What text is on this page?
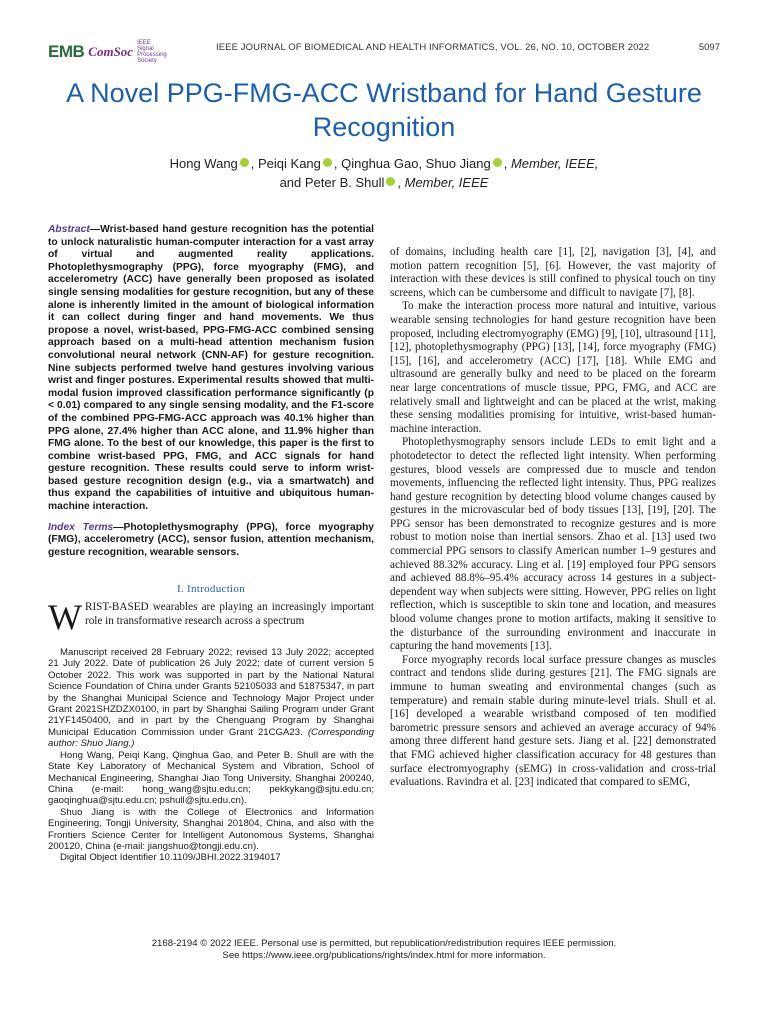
EMB ComSoc
IEEE Signal Processing Society
IEEE JOURNAL OF BIOMEDICAL AND HEALTH INFORMATICS, VOL. 26, NO. 10, OCTOBER 2022	5097
A Novel PPG-FMG-ACC Wristband for Hand Gesture Recognition
Hong Wang , Peiqi Kang , Qinghua Gao, Shuo Jiang , Member, IEEE,
and Peter B. Shull , Member, IEEE
Abstract—Wrist-based hand gesture recognition has the potential to unlock naturalistic human-computer interaction for a vast array of virtual and augmented reality applications. Photoplethysmography (PPG), force myography (FMG), and accelerometry (ACC) have generally been proposed as isolated single sensing modalities for gesture recognition, but any of these alone is inherently limited in the amount of biological information it can collect during finger and hand movements. We thus propose a novel, wrist-based, PPG-FMG-ACC combined sensing approach based on a multi-head attention mechanism fusion convolutional neural network (CNN-AF) for gesture recognition. Nine subjects performed twelve hand gestures involving various wrist and finger postures. Experimental results showed that multi-modal fusion improved classification performance significantly (p < 0.01) compared to any single sensing modality, and the F1-score of the combined PPG-FMG-ACC approach was 40.1% higher than PPG alone, 27.4% higher than ACC alone, and 11.9% higher than FMG alone. To the best of our knowledge, this paper is the first to combine wrist-based PPG, FMG, and ACC signals for hand gesture recognition. These results could serve to inform wrist-based gesture recognition design (e.g., via a smartwatch) and thus expand the capabilities of intuitive and ubiquitous human-machine interaction.
Index Terms—Photoplethysmography (PPG), force myography (FMG), accelerometry (ACC), sensor fusion, attention mechanism, gesture recognition, wearable sensors.
I. Introduction
WRIST-BASED wearables are playing an increasingly important role in transformative research across a spectrum

Manuscript received 28 February 2022; revised 13 July 2022; accepted 21 July 2022. Date of publication 26 July 2022; date of current version 5 October 2022. This work was supported in part by the National Natural Science Foundation of China under Grants 52105033 and 51875347, in part by the Shanghai Municipal Science and Technology Major Project under Grant 2021SHZDZX0100, in part by Shanghai Sailing Program under Grant 21YF1450400, and in part by the Chenguang Program by Shanghai Municipal Education Commission under Grant 21CGA23. (Corresponding author: Shuo Jiang.)

Hong Wang, Peiqi Kang, Qinghua Gao, and Peter B. Shull are with the State Key Laboratory of Mechanical System and Vibration, School of Mechanical Engineering, Shanghai Jiao Tong University, Shanghai 200240, China (e-mail: hong_wang@sjtu.edu.cn; pekkykang@sjtu.edu.cn; gaoqinghua@sjtu.edu.cn; pshull@sjtu.edu.cn).

Shuo Jiang is with the College of Electronics and Information Engineering, Tongji University, Shanghai 201804, China, and also with the Frontiers Science Center for Intelligent Autonomous Systems, Shanghai 200120, China (e-mail: jiangshuo@tongji.edu.cn).

Digital Object Identifier 10.1109/JBHI.2022.3194017

of domains, including health care [1], [2], navigation [3], [4], and motion pattern recognition [5], [6]. However, the vast majority of interaction with these devices is still confined to physical touch on tiny screens, which can be cumbersome and difficult to navigate [7], [8].

To make the interaction process more natural and intuitive, various wearable sensing technologies for hand gesture recognition have been proposed, including electromyography (EMG) [9], [10], ultrasound [11], [12], photoplethysmography (PPG) [13], [14], force myography (FMG) [15], [16], and accelerometry (ACC) [17], [18]. While EMG and ultrasound are generally bulky and need to be placed on the forearm near large concentrations of muscle tissue, PPG, FMG, and ACC are relatively small and lightweight and can be placed at the wrist, making these sensing modalities promising for intuitive, wrist-based human-machine interaction.

Photoplethysmography sensors include LEDs to emit light and a photodetector to detect the reflected light intensity. When performing gestures, blood vessels are compressed due to muscle and tendon movements, influencing the reflected light intensity. Thus, PPG realizes hand gesture recognition by detecting blood volume changes caused by gestures in the microvascular bed of body tissues [13], [19], [20]. The PPG sensor has been demonstrated to recognize gestures and is more robust to motion noise than inertial sensors. Zhao et al. [13] used two commercial PPG sensors to classify American number 1–9 gestures and achieved 88.32% accuracy. Ling et al. [19] employed four PPG sensors and achieved 88.8%–95.4% accuracy across 14 gestures in a subject-dependent way when subjects were sitting. However, PPG relies on light reflection, which is susceptible to skin tone and location, and measures blood volume changes prone to motion artifacts, making it sensitive to the disturbance of the surrounding environment and inaccurate in capturing the hand movements [13].

Force myography records local surface pressure changes as muscles contract and tendons slide during gestures [21]. The FMG signals are immune to human sweating and environmental changes (such as temperature) and remain stable during minute-level trials. Shull et al. [16] developed a wearable wristband composed of ten modified barometric pressure sensors and achieved an average accuracy of 94% among three different hand gesture sets. Jiang et al. [22] demonstrated that FMG achieved higher classification accuracy for 48 gestures than surface electromyography (sEMG) in cross-validation and cross-trial evaluations. Ravindra et al. [23] indicated that compared to sEMG,

2168-2194 © 2022 IEEE. Personal use is permitted, but republication/redistribution requires IEEE permission.
See https://www.ieee.org/publications/rights/index.html for more information.
